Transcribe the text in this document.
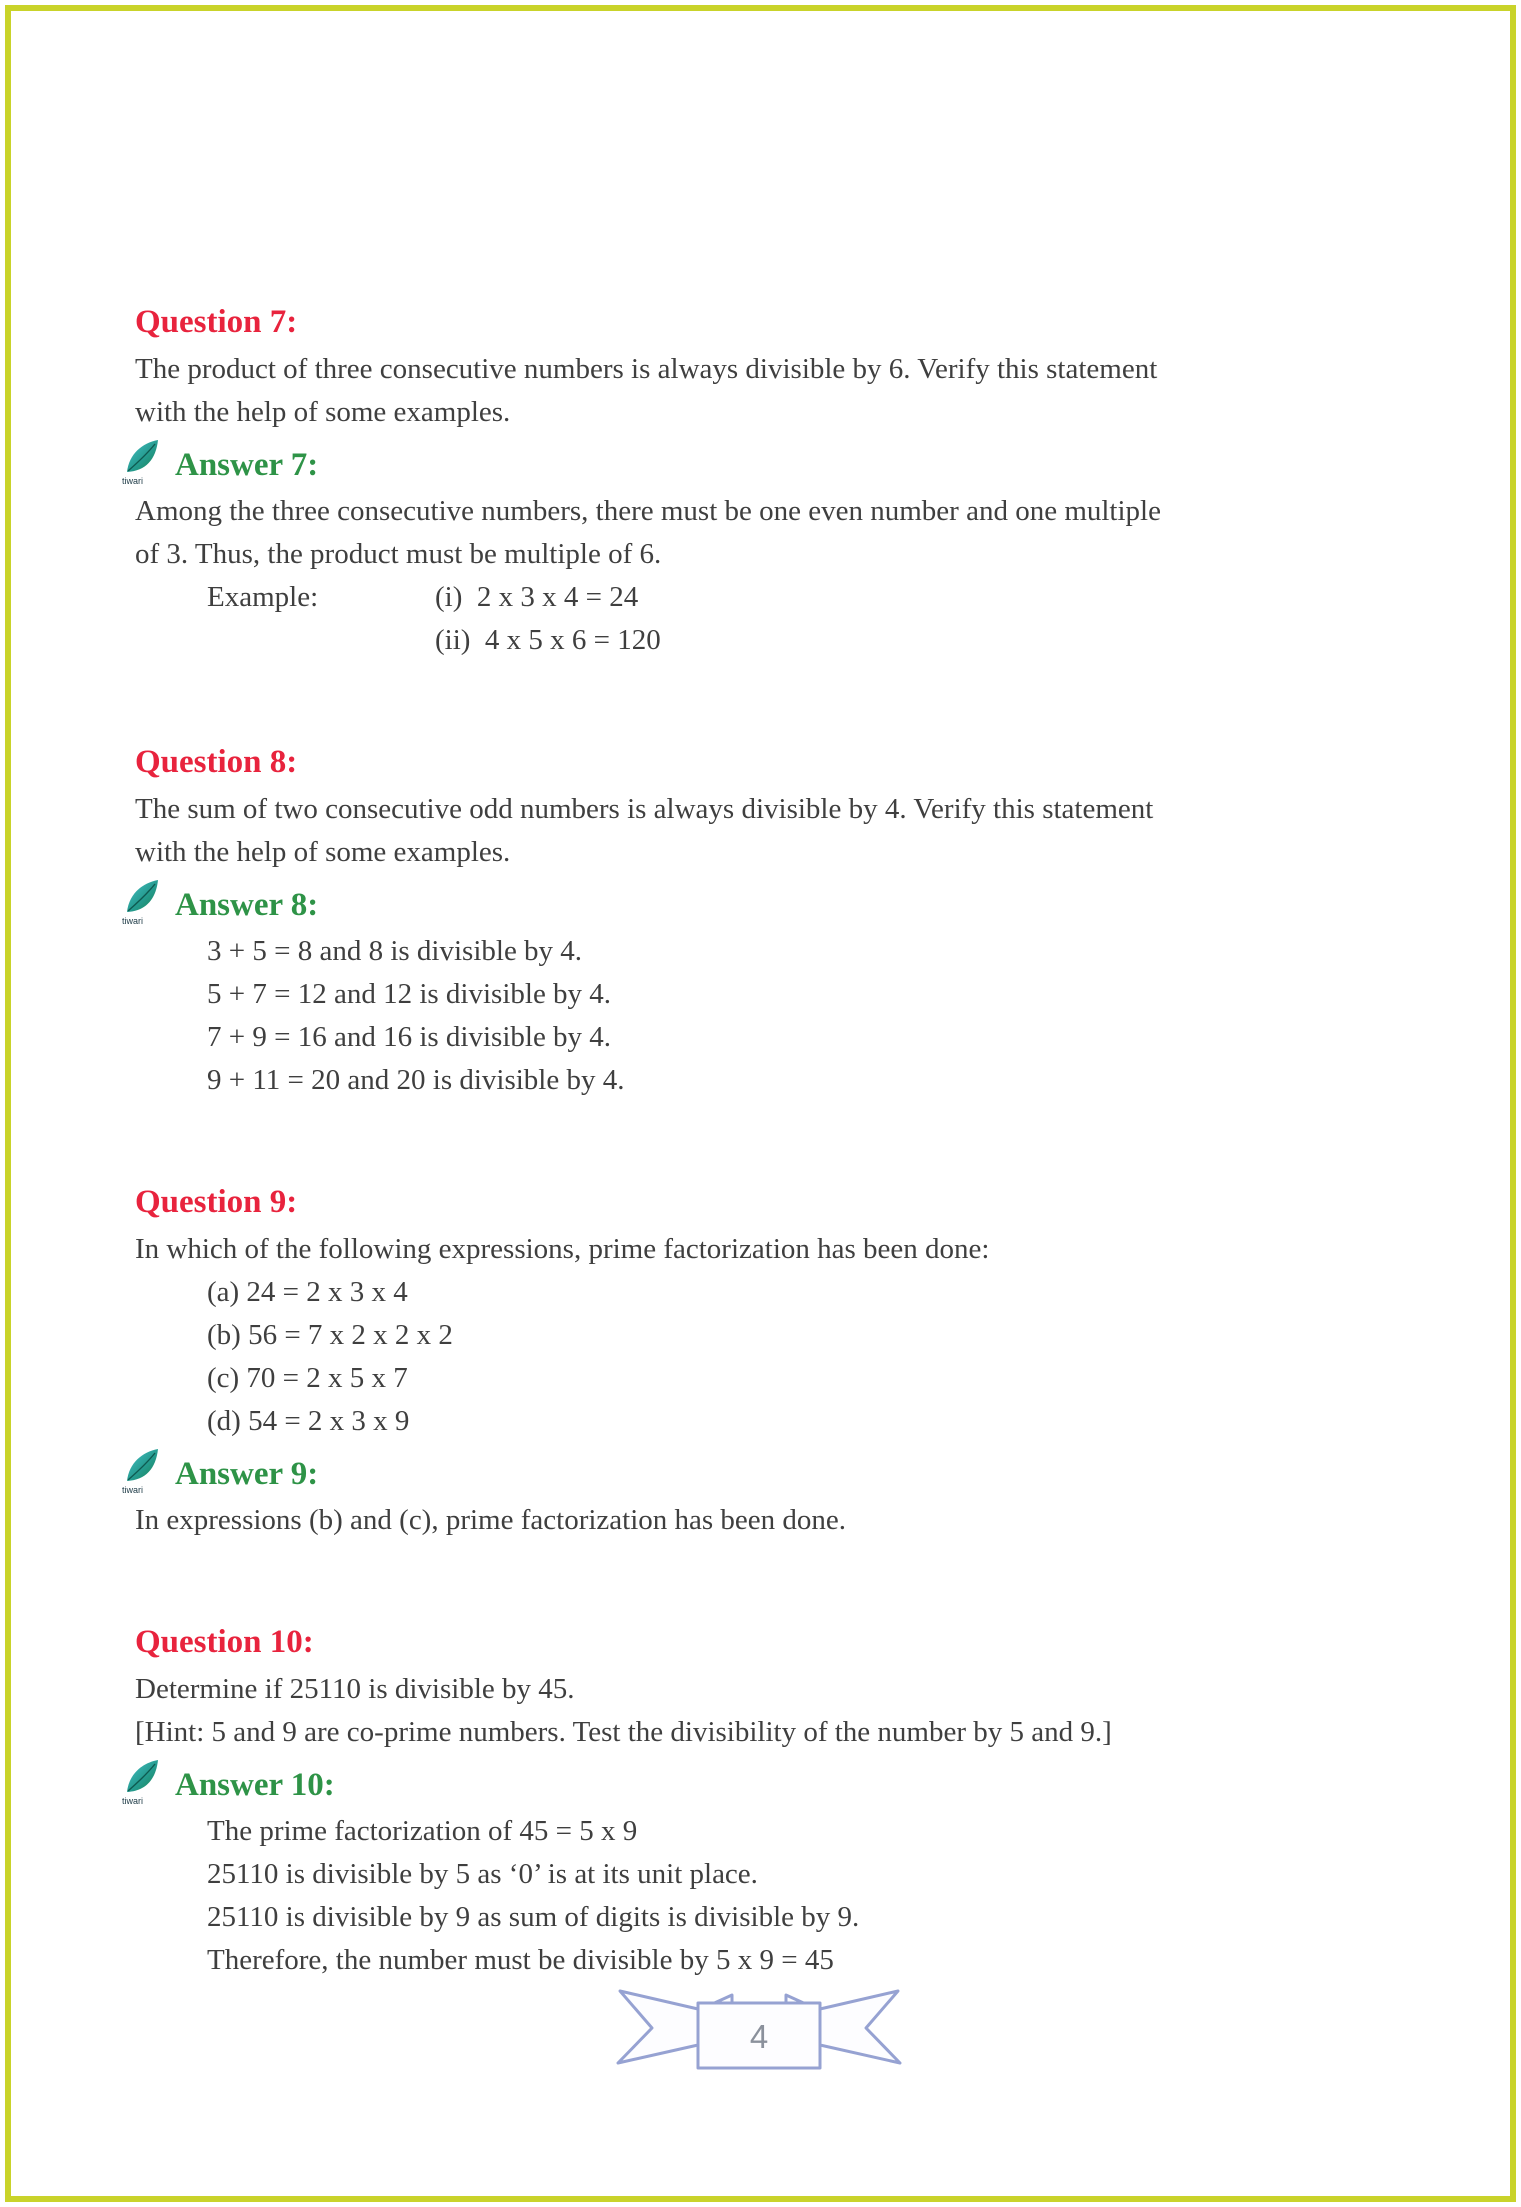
Question 7:
The product of three consecutive numbers is always divisible by 6. Verify this statement
with the help of some examples.
tiwari Answer 7:
Among the three consecutive numbers, there must be one even number and one multiple
of 3. Thus, the product must be multiple of 6.
Example:	(i)  2 x 3 x 4 = 24
(ii)  4 x 5 x 6 = 120
Question 8:
The sum of two consecutive odd numbers is always divisible by 4. Verify this statement
with the help of some examples.
tiwari Answer 8:
3 + 5 = 8 and 8 is divisible by 4.
5 + 7 = 12 and 12 is divisible by 4.
7 + 9 = 16 and 16 is divisible by 4.
9 + 11 = 20 and 20 is divisible by 4.
Question 9:
In which of the following expressions, prime factorization has been done:
(a) 24 = 2 x 3 x 4
(b) 56 = 7 x 2 x 2 x 2
(c) 70 = 2 x 5 x 7
(d) 54 = 2 x 3 x 9
tiwari Answer 9:
In expressions (b) and (c), prime factorization has been done.
Question 10:
Determine if 25110 is divisible by 45.
[Hint: 5 and 9 are co-prime numbers. Test the divisibility of the number by 5 and 9.]
tiwari Answer 10:
The prime factorization of 45 = 5 x 9
25110 is divisible by 5 as ‘0’ is at its unit place.
25110 is divisible by 9 as sum of digits is divisible by 9.
Therefore, the number must be divisible by 5 x 9 = 45
4
